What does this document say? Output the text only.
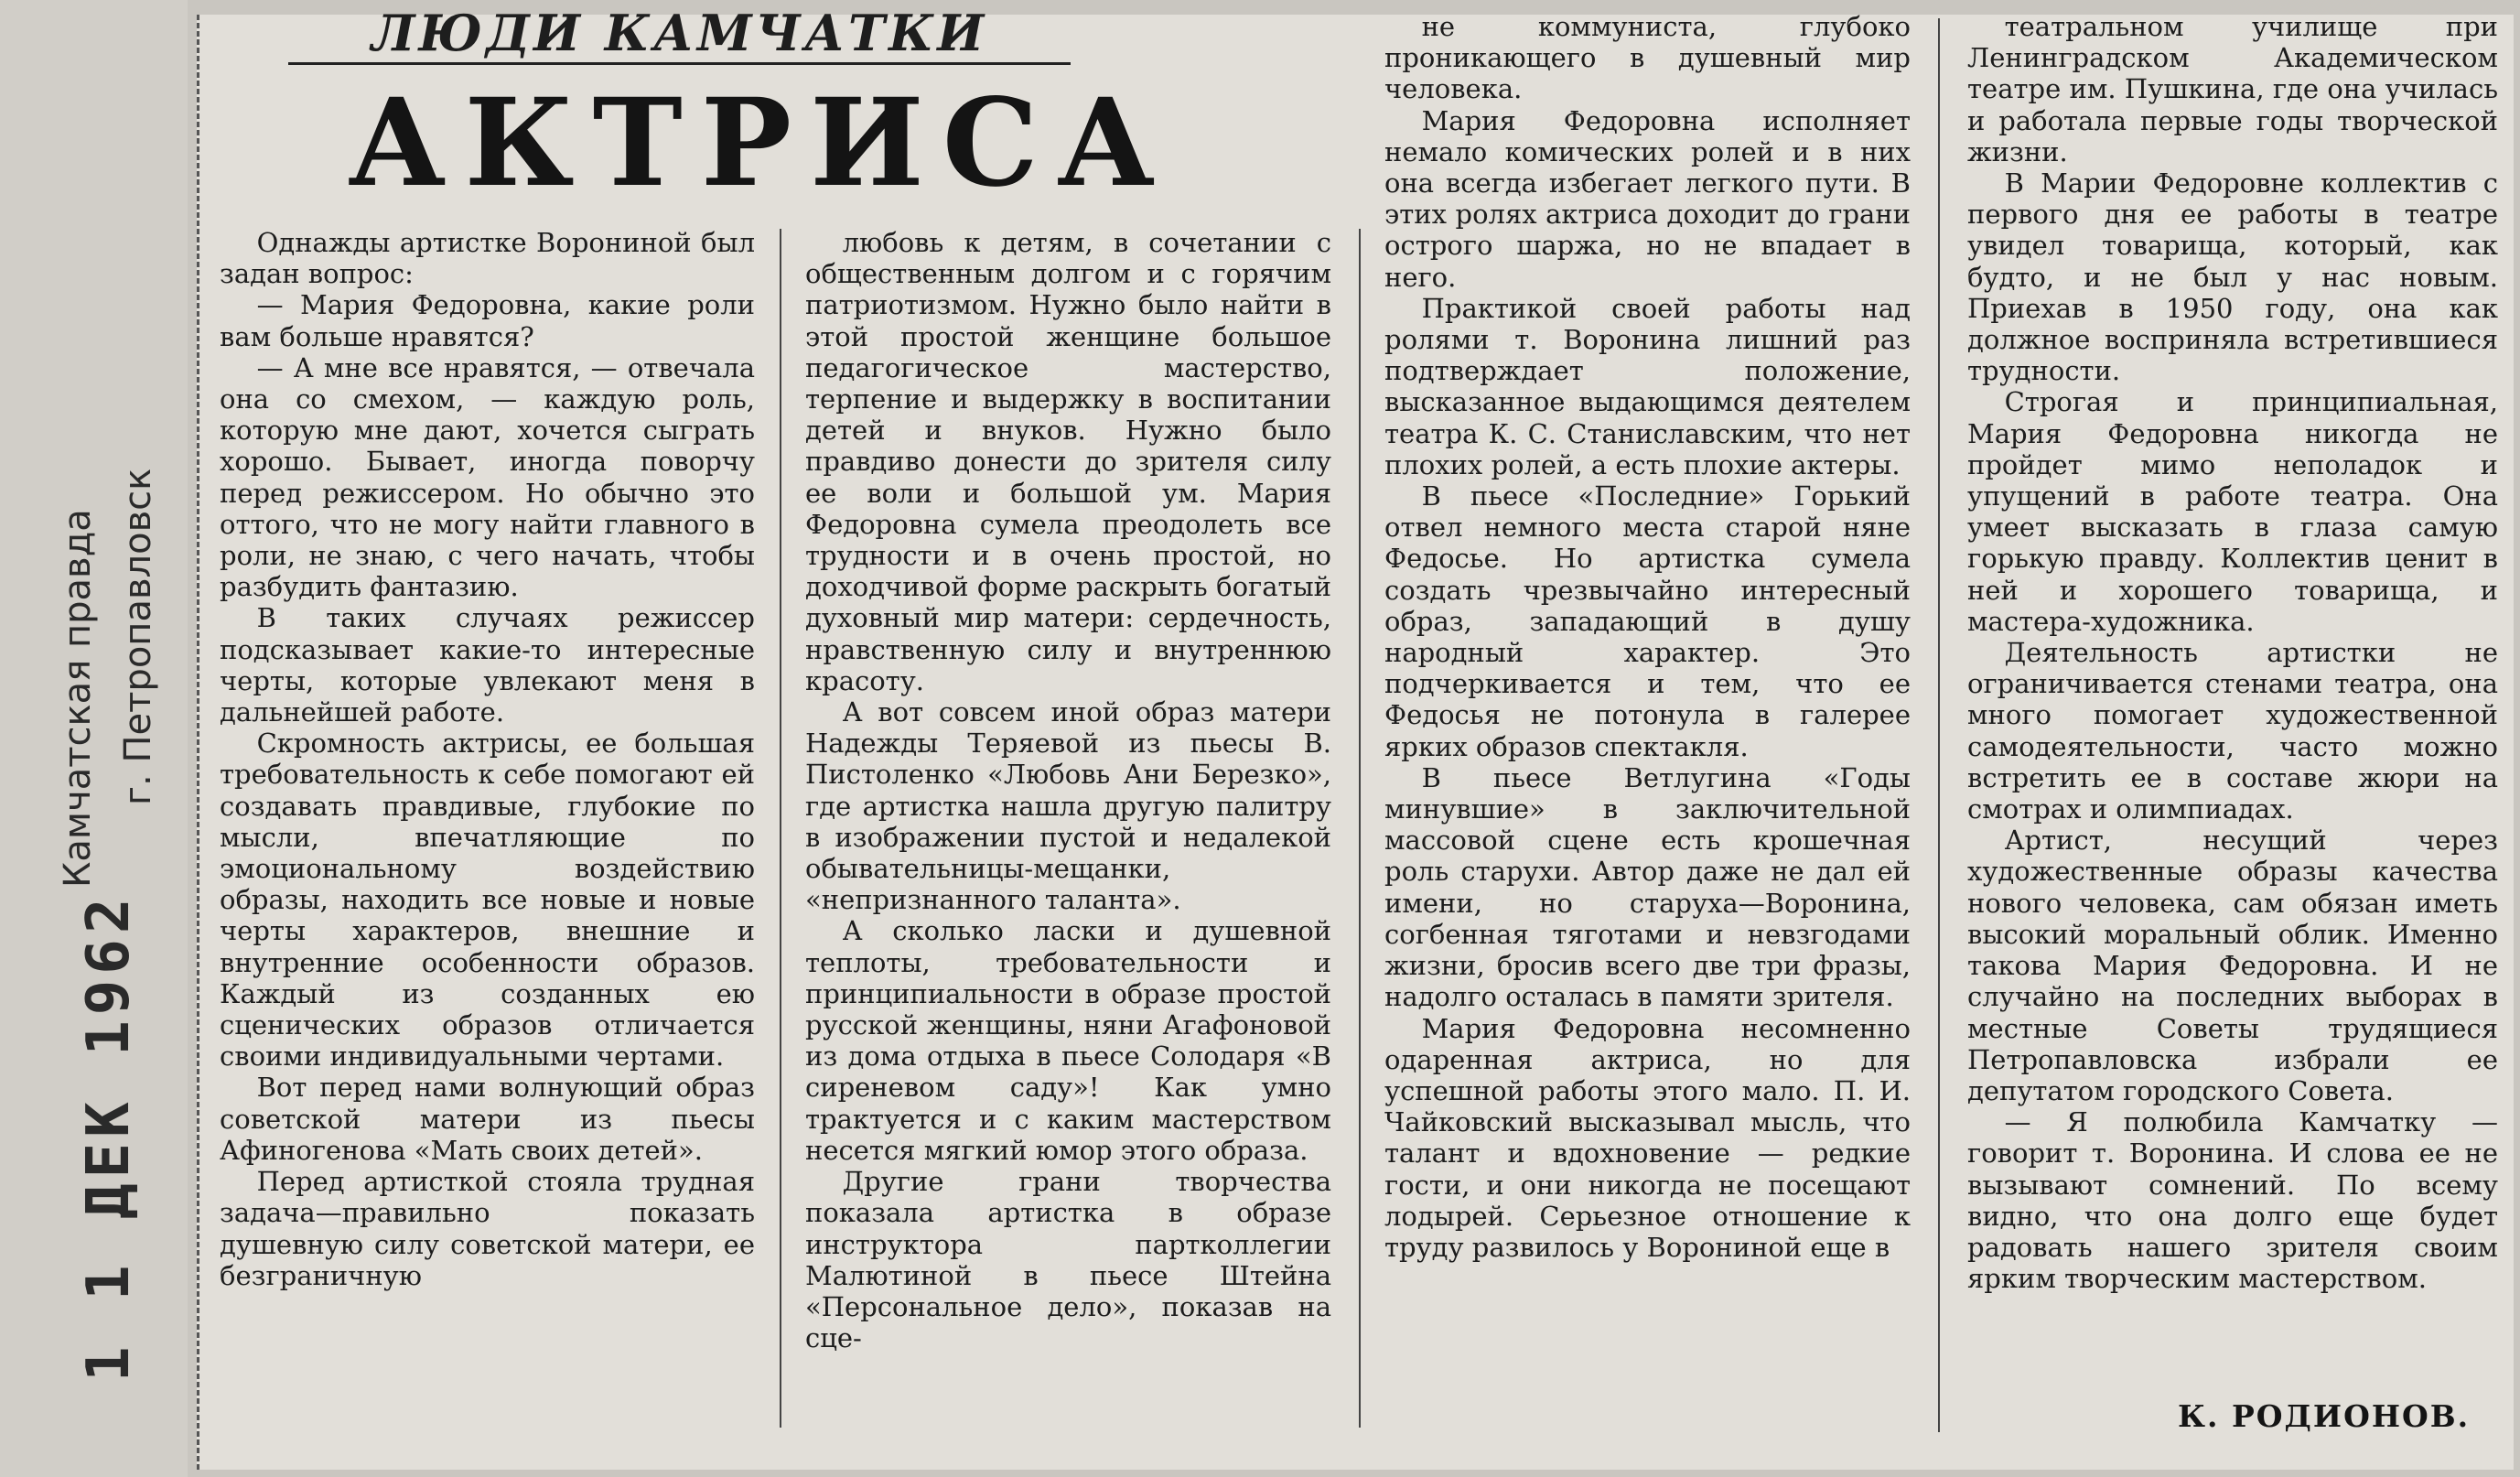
Камчатская правда г. Петропавловск
1 1 ДЕК 1962
ЛЮДИ КАМЧАТКИ
АКТРИСА

Однажды артистке Ворониной был задан вопрос:

— Мария Федоровна, какие роли вам больше нравятся?

— А мне все нравятся, — отвечала она со смехом, — каждую роль, которую мне дают, хочется сыграть хорошо. Бывает, иногда поворчу перед режиссером. Но обычно это оттого, что не могу найти главного в роли, не знаю, с чего начать, чтобы разбудить фантазию.

В таких случаях режиссер подсказывает какие-то интересные черты, которые увлекают меня в дальнейшей работе.

Скромность актрисы, ее большая требовательность к себе помогают ей создавать правдивые, глубокие по мысли, впечатляющие по эмоциональному воздействию образы, находить все новые и новые черты характеров, внешние и внутренние особенности образов. Каждый из созданных ею сценических образов отличается своими индивидуальными чертами.

Вот перед нами волнующий образ советской матери из пьесы Афиногенова «Мать своих детей».

Перед артисткой стояла трудная задача—правильно показать душевную силу советской матери, ее безграничную

любовь к детям, в сочетании с общественным долгом и с горячим патриотизмом. Нужно было найти в этой простой женщине большое педагогическое мастерство, терпение и выдержку в воспитании детей и внуков. Нужно было правдиво донести до зрителя силу ее воли и большой ум. Мария Федоровна сумела преодолеть все трудности и в очень простой, но доходчивой форме раскрыть богатый духовный мир матери: сердечность, нравственную силу и внутреннюю красоту.

А вот совсем иной образ матери Надежды Теряевой из пьесы В. Пистоленко «Любовь Ани Березко», где артистка нашла другую палитру в изображении пустой и недалекой обывательницы-мещанки, «непризнанного таланта».

А сколько ласки и душевной теплоты, требовательности и принципиальности в образе простой русской женщины, няни Агафоновой из дома отдыха в пьесе Солодаря «В сиреневом саду»! Как умно трактуется и с каким мастерством несется мягкий юмор этого образа.

Другие грани творчества показала артистка в образе инструктора партколлегии Малютиной в пьесе Штейна «Персональное дело», показав на сце-

не коммуниста, глубоко проникающего в душевный мир человека.

Мария Федоровна исполняет немало комических ролей и в них она всегда избегает легкого пути. В этих ролях актриса доходит до грани острого шаржа, но не впадает в него.

Практикой своей работы над ролями т. Воронина лишний раз подтверждает положение, высказанное выдающимся деятелем театра К. С. Станиславским, что нет плохих ролей, а есть плохие актеры.

В пьесе «Последние» Горький отвел немного места старой няне Федосье. Но артистка сумела создать чрезвычайно интересный образ, западающий в душу народный характер. Это подчеркивается и тем, что ее Федосья не потонула в галерее ярких образов спектакля.

В пьесе Ветлугина «Годы минувшие» в заключительной массовой сцене есть крошечная роль старухи. Автор даже не дал ей имени, но старуха—Воронина, согбенная тяготами и невзгодами жизни, бросив всего две три фразы, надолго осталась в памяти зрителя.

Мария Федоровна несомненно одаренная актриса, но для успешной работы этого мало. П. И. Чайковский высказывал мысль, что талант и вдохновение — редкие гости, и они никогда не посещают лодырей. Серьезное отношение к труду развилось у Ворониной еще в

театральном училище при Ленинградском Академическом театре им. Пушкина, где она училась и работала первые годы творческой жизни.

В Марии Федоровне коллектив с первого дня ее работы в театре увидел товарища, который, как будто, и не был у нас новым. Приехав в 1950 году, она как должное восприняла встретившиеся трудности.

Строгая и принципиальная, Мария Федоровна никогда не пройдет мимо неполадок и упущений в работе театра. Она умеет высказать в глаза самую горькую правду. Коллектив ценит в ней и хорошего товарища, и мастера-художника.

Деятельность артистки не ограничивается стенами театра, она много помогает художественной самодеятельности, часто можно встретить ее в составе жюри на смотрах и олимпиадах.

Артист, несущий через художественные образы качества нового человека, сам обязан иметь высокий моральный облик. Именно такова Мария Федоровна. И не случайно на последних выборах в местные Советы трудящиеся Петропавловска избрали ее депутатом городского Совета.

— Я полюбила Камчатку — говорит т. Воронина. И слова ее не вызывают сомнений. По всему видно, что она долго еще будет радовать нашего зрителя своим ярким творческим мастерством.

К. РОДИОНОВ.
